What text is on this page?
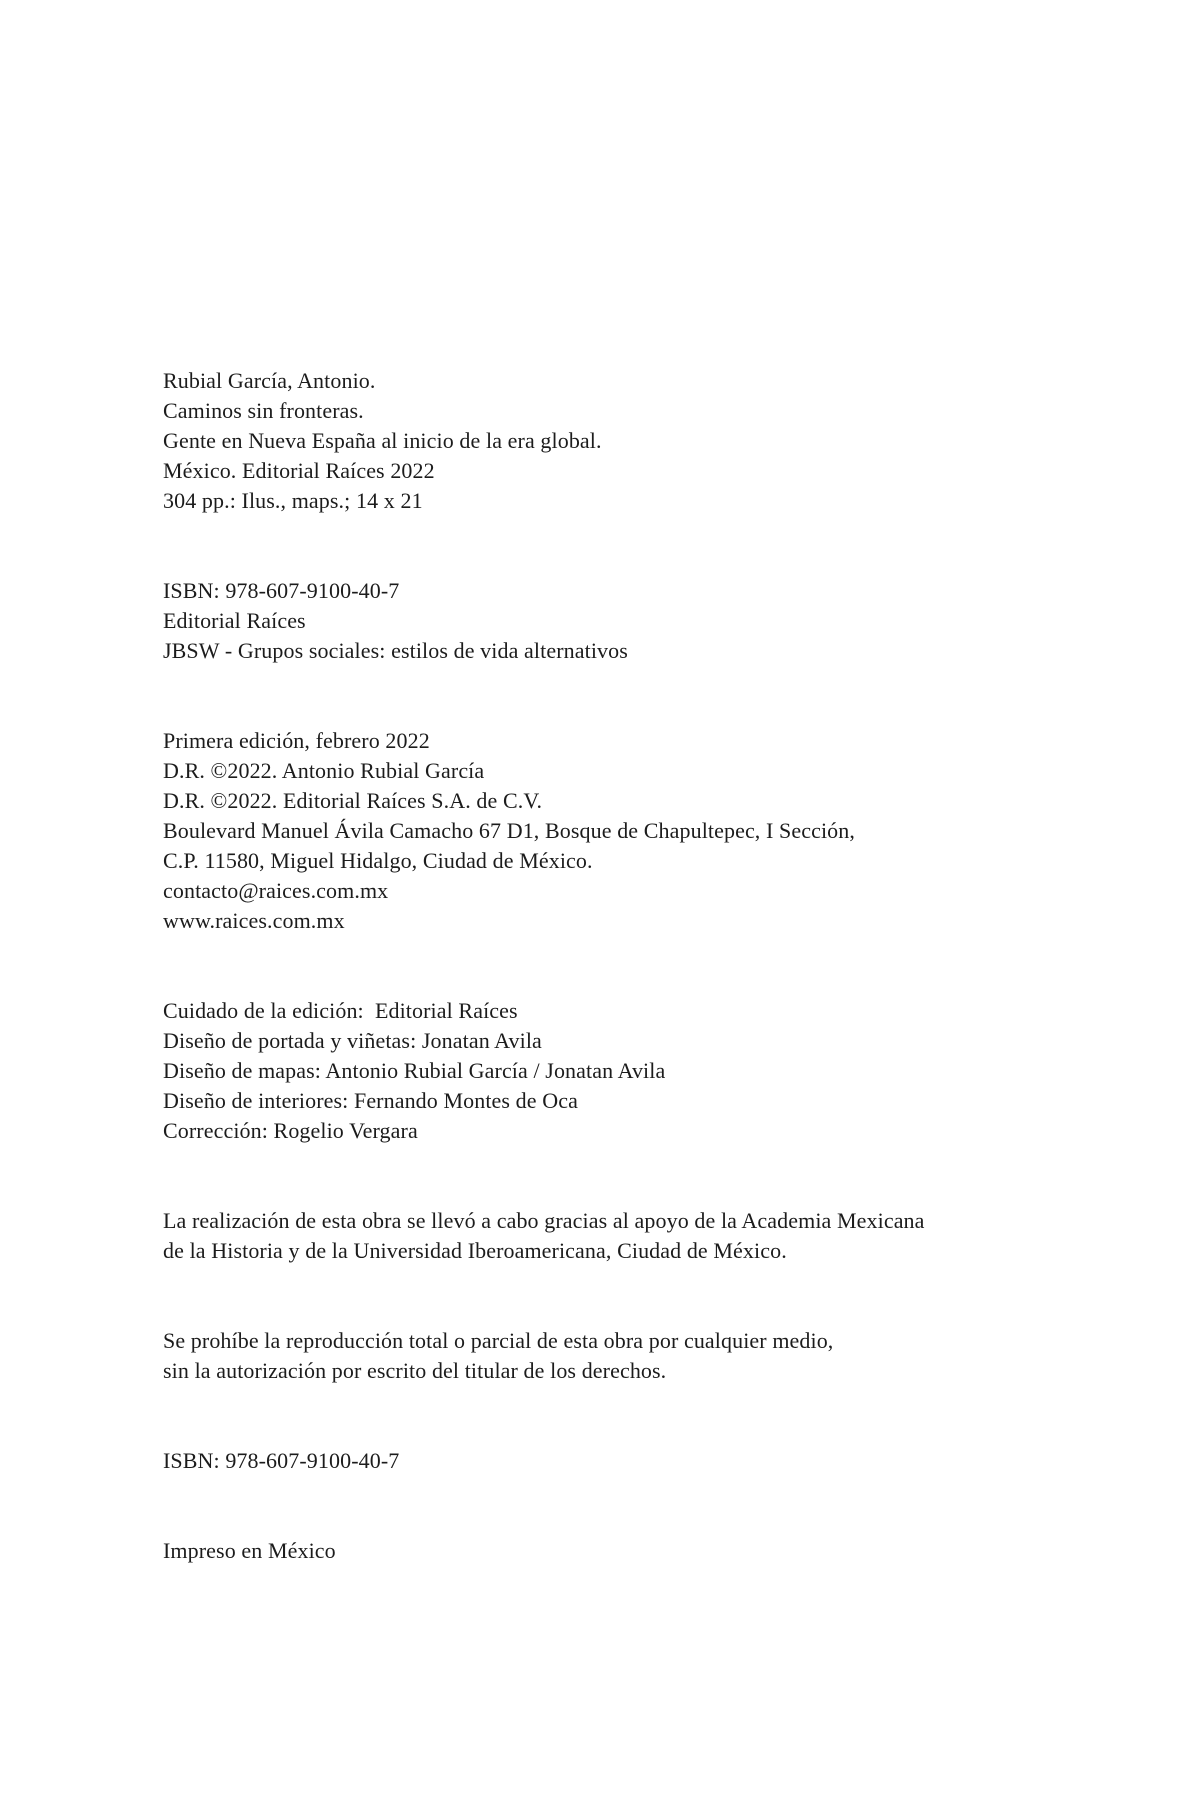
Rubial García, Antonio.
Caminos sin fronteras.
Gente en Nueva España al inicio de la era global.
México. Editorial Raíces 2022
304 pp.: Ilus., maps.; 14 x 21
ISBN: 978-607-9100-40-7
Editorial Raíces
JBSW - Grupos sociales: estilos de vida alternativos
Primera edición, febrero 2022
D.R. ©2022. Antonio Rubial García
D.R. ©2022. Editorial Raíces S.A. de C.V.
Boulevard Manuel Ávila Camacho 67 D1, Bosque de Chapultepec, I Sección,
C.P. 11580, Miguel Hidalgo, Ciudad de México.
contacto@raices.com.mx
www.raices.com.mx
Cuidado de la edición:  Editorial Raíces
Diseño de portada y viñetas: Jonatan Avila
Diseño de mapas: Antonio Rubial García / Jonatan Avila
Diseño de interiores: Fernando Montes de Oca
Corrección: Rogelio Vergara
La realización de esta obra se llevó a cabo gracias al apoyo de la Academia Mexicana
de la Historia y de la Universidad Iberoamericana, Ciudad de México.
Se prohíbe la reproducción total o parcial de esta obra por cualquier medio,
sin la autorización por escrito del titular de los derechos.
ISBN: 978-607-9100-40-7
Impreso en México
